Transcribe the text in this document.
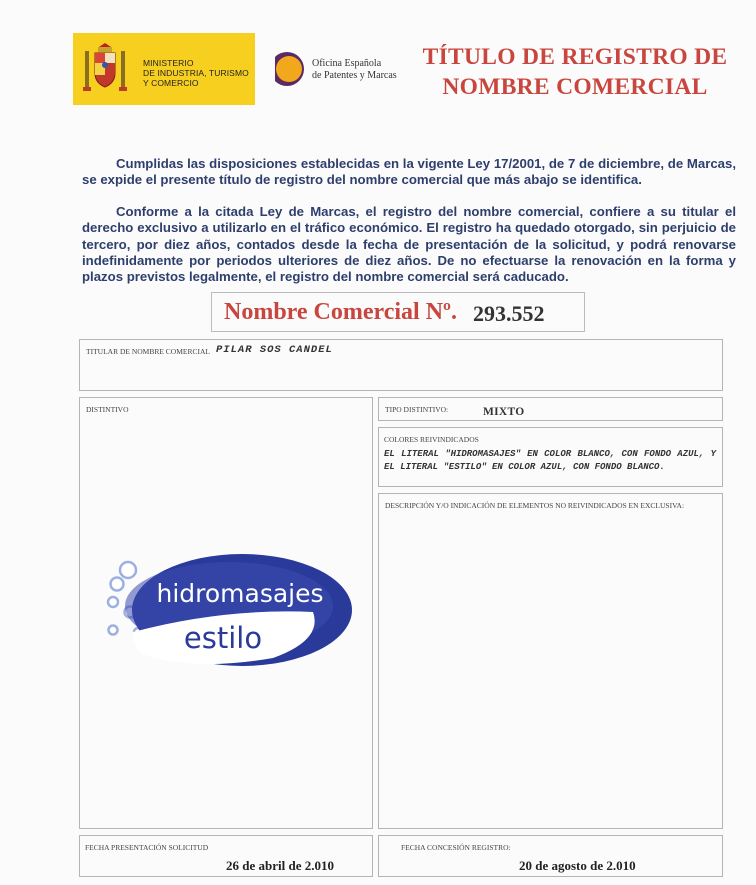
MINISTERIO
DE INDUSTRIA, TURISMO
Y COMERCIO
Oficina Española
de Patentes y Marcas
TÍTULO DE REGISTRO DE
NOMBRE COMERCIAL
Cumplidas las disposiciones establecidas en la vigente Ley 17/2001, de 7 de diciembre, de Marcas, se expide el presente título de registro del nombre comercial que más abajo se identifica.
Conforme a la citada Ley de Marcas, el registro del nombre comercial, confiere a su titular el derecho exclusivo a utilizarlo en el tráfico económico. El registro ha quedado otorgado, sin perjuicio de tercero, por diez años, contados desde la fecha de presentación de la solicitud, y podrá renovarse indefinidamente por periodos ulteriores de diez años. De no efectuarse la renovación en la forma y plazos previstos legalmente, el registro del nombre comercial será caducado.
Nombre Comercial Nº. 293.552
TITULAR DE NOMBRE COMERCIAL PILAR SOS CANDEL
DISTINTIVO
hidromasajes
estilo
TIPO DISTINTIVO:	MIXTO
COLORES REIVINDICADOS
EL LITERAL "HIDROMASAJES" EN COLOR BLANCO, CON FONDO AZUL, Y EL LITERAL "ESTILO" EN COLOR AZUL, CON FONDO BLANCO.
DESCRIPCIÓN Y/O INDICACIÓN DE ELEMENTOS NO REIVINDICADOS EN EXCLUSIVA:
FECHA PRESENTACIÓN SOLICITUD
26 de abril de 2.010
FECHA CONCESIÓN REGISTRO:
20 de agosto de 2.010
